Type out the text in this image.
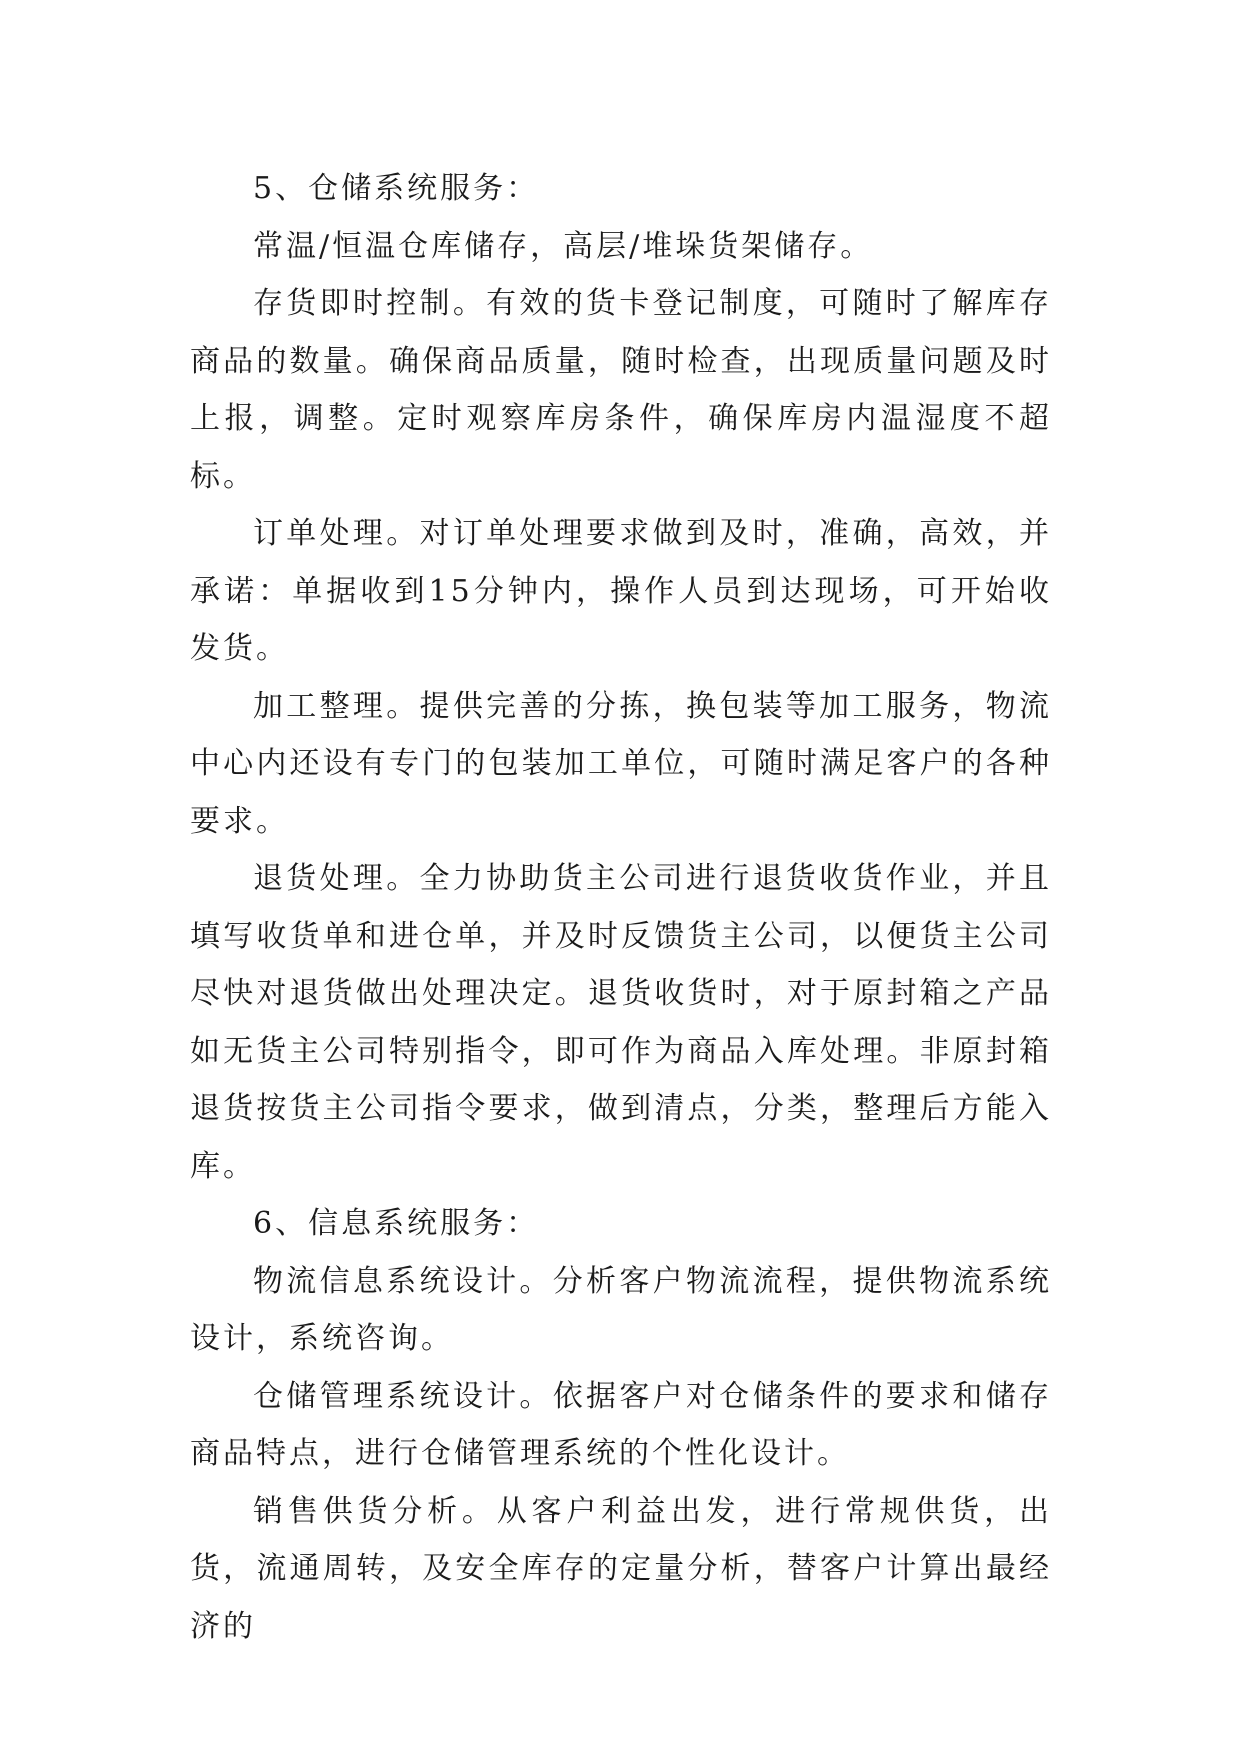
5、仓储系统服务：

常温/恒温仓库储存，高层/堆垛货架储存。

存货即时控制。有效的货卡登记制度，可随时了解库存商品的数量。确保商品质量，随时检查，出现质量问题及时上报，调整。定时观察库房条件，确保库房内温湿度不超标。

订单处理。对订单处理要求做到及时，准确，高效，并承诺：单据收到15分钟内，操作人员到达现场，可开始收发货。

加工整理。提供完善的分拣，换包装等加工服务，物流中心内还设有专门的包装加工单位，可随时满足客户的各种要求。

退货处理。全力协助货主公司进行退货收货作业，并且填写收货单和进仓单，并及时反馈货主公司，以便货主公司尽快对退货做出处理决定。退货收货时，对于原封箱之产品如无货主公司特别指令，即可作为商品入库处理。非原封箱退货按货主公司指令要求，做到清点，分类，整理后方能入库。

6、信息系统服务：

物流信息系统设计。分析客户物流流程，提供物流系统设计，系统咨询。

仓储管理系统设计。依据客户对仓储条件的要求和储存商品特点，进行仓储管理系统的个性化设计。

销售供货分析。从客户利益出发，进行常规供货，出货，流通周转，及安全库存的定量分析，替客户计算出最经济的
